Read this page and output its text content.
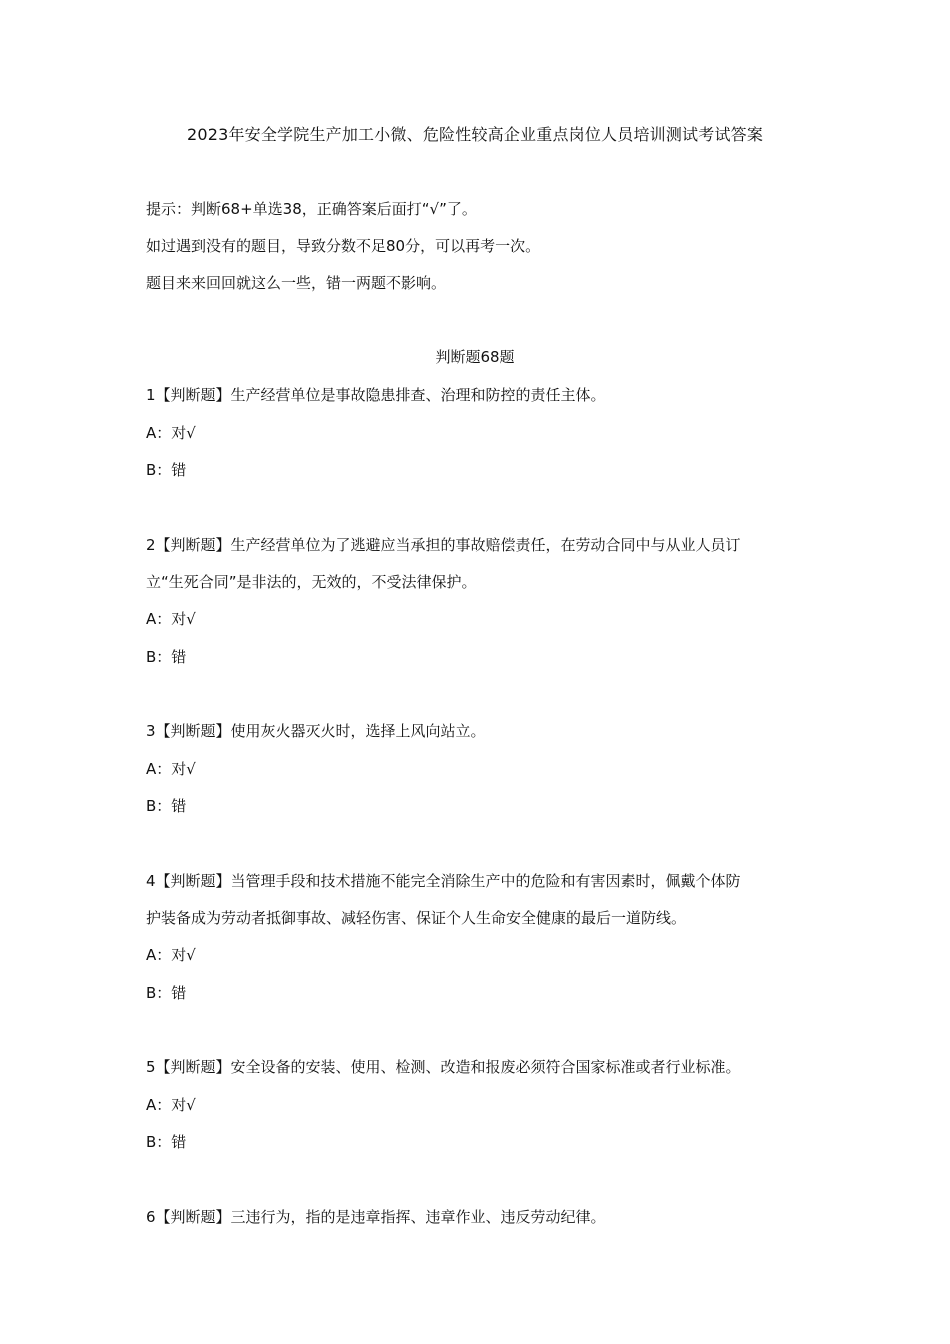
2023年安全学院生产加工小微、危险性较高企业重点岗位人员培训测试考试答案
提示：判断68+单选38，正确答案后面打“√”了。
如过遇到没有的题目，导致分数不足80分，可以再考一次。
题目来来回回就这么一些，错一两题不影响。
判断题68题
1【判断题】生产经营单位是事故隐患排查、治理和防控的责任主体。
A：对√
B：错
2【判断题】生产经营单位为了逃避应当承担的事故赔偿责任，在劳动合同中与从业人员订
立“生死合同”是非法的，无效的，不受法律保护。
A：对√
B：错
3【判断题】使用灰火器灭火时，选择上风向站立。
A：对√
B：错
4【判断题】当管理手段和技术措施不能完全消除生产中的危险和有害因素时，佩戴个体防
护装备成为劳动者抵御事故、减轻伤害、保证个人生命安全健康的最后一道防线。
A：对√
B：错
5【判断题】安全设备的安装、使用、检测、改造和报废必须符合国家标准或者行业标准。
A：对√
B：错
6【判断题】三违行为，指的是违章指挥、违章作业、违反劳动纪律。
